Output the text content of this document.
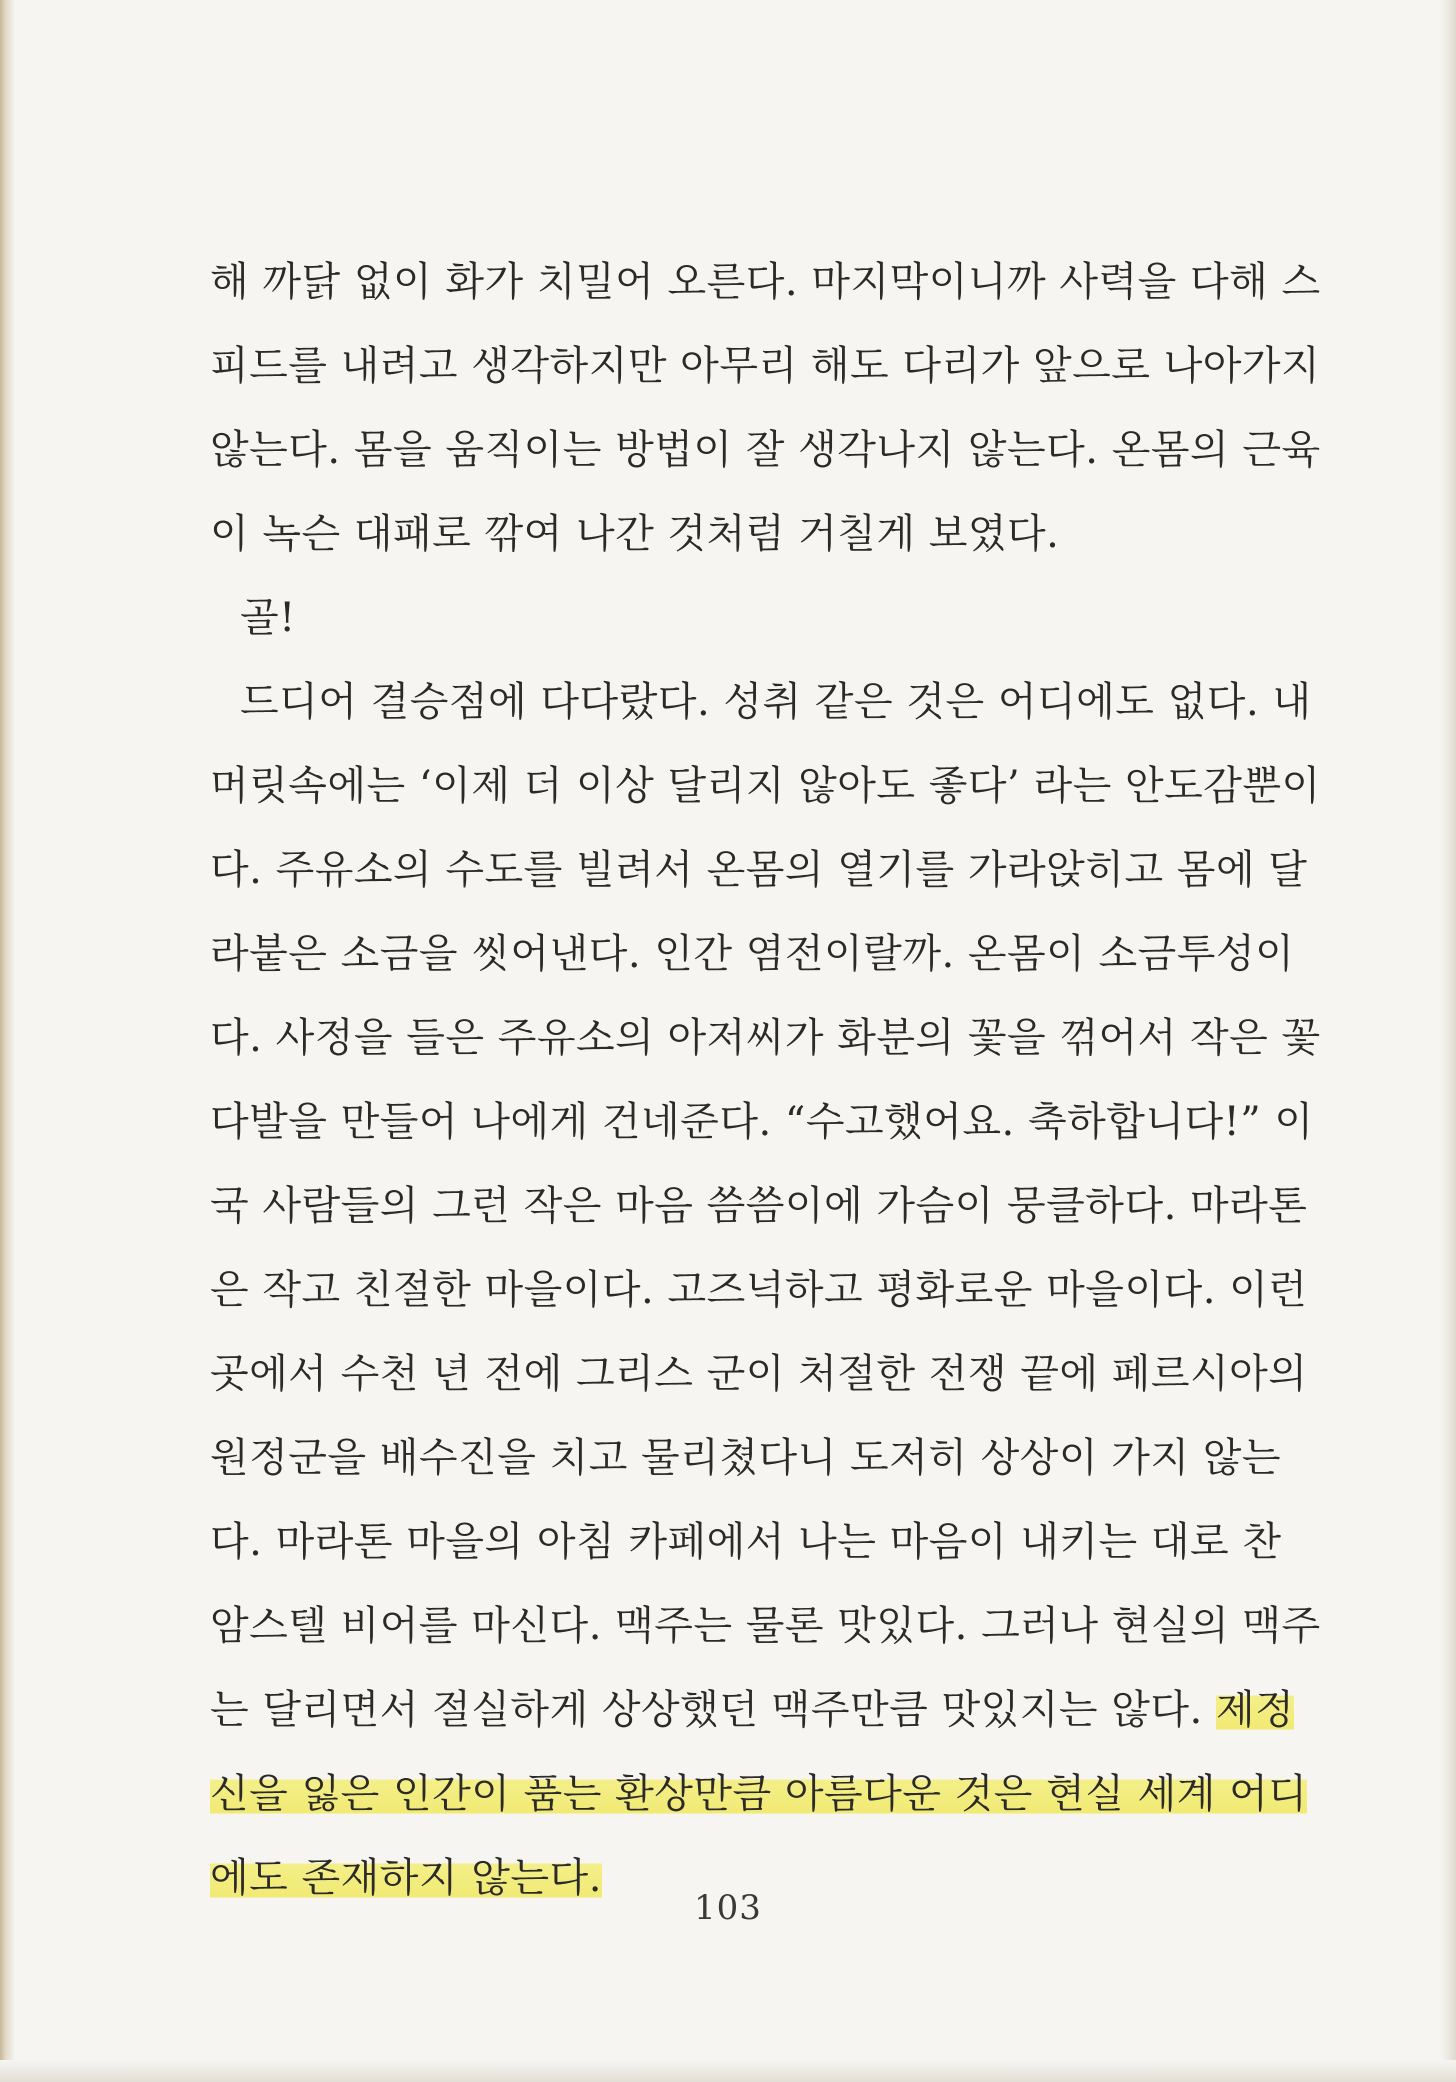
해 까닭 없이 화가 치밀어 오른다. 마지막이니까 사력을 다해 스
피드를 내려고 생각하지만 아무리 해도 다리가 앞으로 나아가지
않는다. 몸을 움직이는 방법이 잘 생각나지 않는다. 온몸의 근육
이 녹슨 대패로 깎여 나간 것처럼 거칠게 보였다.
골!
드디어 결승점에 다다랐다. 성취 같은 것은 어디에도 없다. 내
머릿속에는 ‘이제 더 이상 달리지 않아도 좋다’ 라는 안도감뿐이
다. 주유소의 수도를 빌려서 온몸의 열기를 가라앉히고 몸에 달
라붙은 소금을 씻어낸다. 인간 염전이랄까. 온몸이 소금투성이
다. 사정을 들은 주유소의 아저씨가 화분의 꽃을 꺾어서 작은 꽃
다발을 만들어 나에게 건네준다. “수고했어요. 축하합니다!” 이
국 사람들의 그런 작은 마음 씀씀이에 가슴이 뭉클하다. 마라톤
은 작고 친절한 마을이다. 고즈넉하고 평화로운 마을이다. 이런
곳에서 수천 년 전에 그리스 군이 처절한 전쟁 끝에 페르시아의
원정군을 배수진을 치고 물리쳤다니 도저히 상상이 가지 않는
다. 마라톤 마을의 아침 카페에서 나는 마음이 내키는 대로 찬
암스텔 비어를 마신다. 맥주는 물론 맛있다. 그러나 현실의 맥주
는 달리면서 절실하게 상상했던 맥주만큼 맛있지는 않다. 제정
신을 잃은 인간이 품는 환상만큼 아름다운 것은 현실 세계 어디
에도 존재하지 않는다.
103
